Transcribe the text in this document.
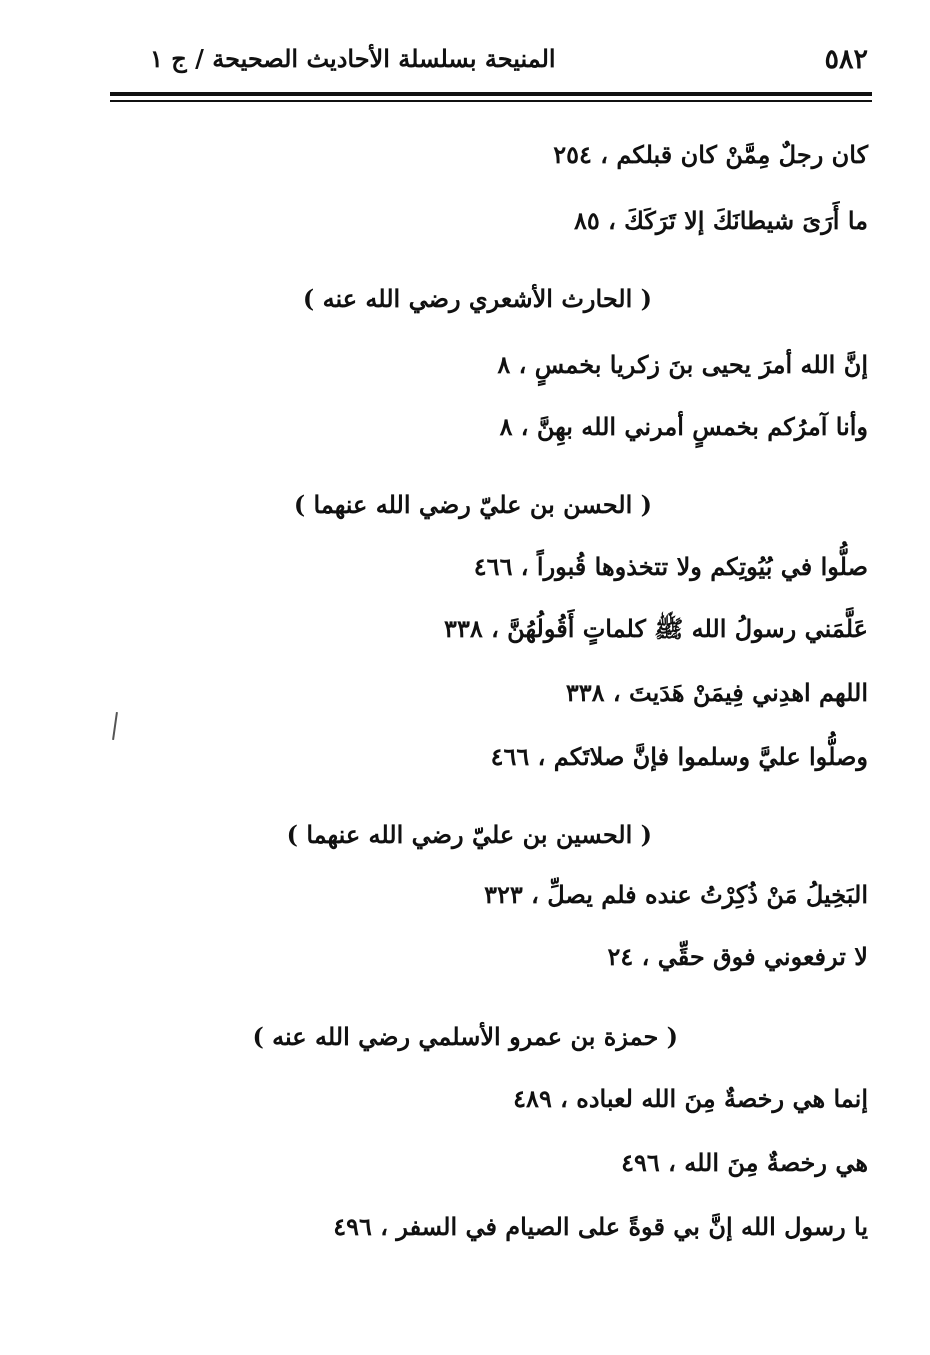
٥٨٢
المنيحة بسلسلة الأحاديث الصحيحة / ج ١
كان رجلٌ مِمَّنْ كان قبلكم ، ٢٥٤
ما أَرَىَ شيطانَكَ إلا تَرَكَكَ ، ٨٥
( الحارث الأشعري رضي الله عنه )
إنَّ الله أمرَ يحيى بنَ زكريا بخمسٍ ، ٨
وأنا آمرُكم بخمسٍ أمرني الله بهِنَّ ، ٨
( الحسن بن عليّ رضي الله عنهما )
صلُّوا في بُيُوتِكم ولا تتخذوها قُبوراً ، ٤٦٦
عَلَّمَني رسولُ الله ﷺ كلماتٍ أَقُولُهُنَّ ، ٣٣٨
اللهم اهدِني فِيمَنْ هَدَيتَ ، ٣٣٨
وصلُّوا عليَّ وسلموا فإنَّ صلاتَكم ، ٤٦٦
( الحسين بن عليّ رضي الله عنهما )
البَخِيلُ مَنْ ذُكِرْتُ عنده فلم يصلِّ ، ٣٢٣
لا ترفعوني فوق حقِّي ، ٢٤
( حمزة بن عمرو الأسلمي رضي الله عنه )
إنما هي رخصةٌ مِنَ الله لعباده ، ٤٨٩
هي رخصةٌ مِنَ الله ، ٤٩٦
يا رسول الله إنَّ بي قوةً على الصيام في السفر ، ٤٩٦
